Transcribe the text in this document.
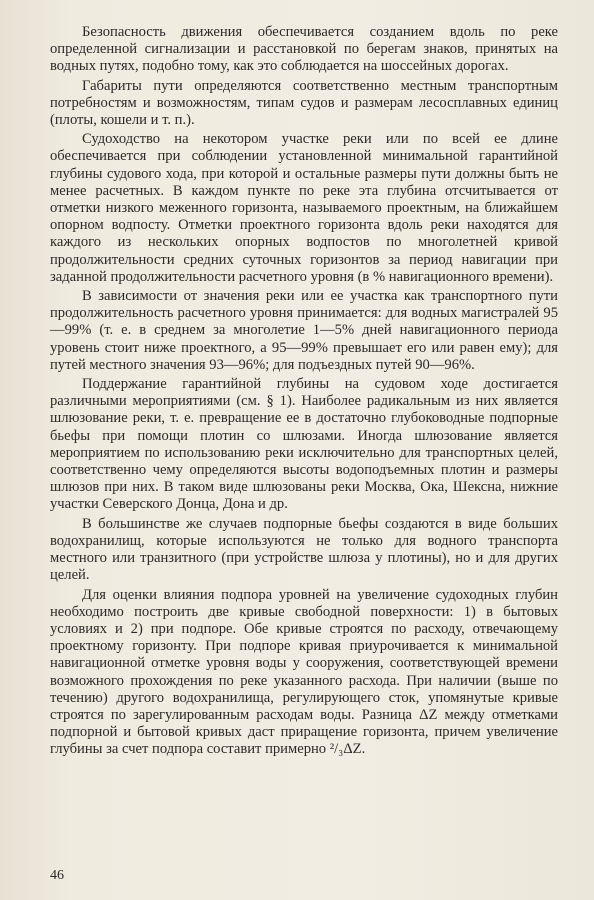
Безопасность движения обеспечивается созданием вдоль по реке определенной сигнализации и расстановкой по берегам знаков, принятых на водных путях, подобно тому, как это соблюдается на шоссейных дорогах.

Габариты пути определяются соответственно местным транспортным потребностям и возможностям, типам судов и размерам лесосплавных единиц (плоты, кошели и т. п.).

Судоходство на некотором участке реки или по всей ее длине обеспечивается при соблюдении установленной минимальной гарантийной глубины судового хода, при которой и остальные размеры пути должны быть не менее расчетных. В каждом пункте по реке эта глубина отсчитывается от отметки низкого меженного горизонта, называемого проектным, на ближайшем опорном водпосту. Отметки проектного горизонта вдоль реки находятся для каждого из нескольких опорных водпостов по многолетней кривой продолжительности средних суточных горизонтов за период навигации при заданной продолжительности расчетного уровня (в % навигационного времени).

В зависимости от значения реки или ее участка как транспортного пути продолжительность расчетного уровня принимается: для водных магистралей 95—99% (т. е. в среднем за многолетие 1—5% дней навигационного периода уровень стоит ниже проектного, а 95—99% превышает его или равен ему); для путей местного значения 93—96%; для подъездных путей 90—96%.

Поддержание гарантийной глубины на судовом ходе достигается различными мероприятиями (см. § 1). Наиболее радикальным из них является шлюзование реки, т. е. превращение ее в достаточно глубоководные подпорные бьефы при помощи плотин со шлюзами. Иногда шлюзование является мероприятием по использованию реки исключительно для транспортных целей, соответственно чему определяются высоты водоподъемных плотин и размеры шлюзов при них. В таком виде шлюзованы реки Москва, Ока, Шексна, нижние участки Северского Донца, Дона и др.

В большинстве же случаев подпорные бьефы создаются в виде больших водохранилищ, которые используются не только для водного транспорта местного или транзитного (при устройстве шлюза у плотины), но и для других целей.

Для оценки влияния подпора уровней на увеличение судоходных глубин необходимо построить две кривые свободной поверхности: 1) в бытовых условиях и 2) при подпоре. Обе кривые строятся по расходу, отвечающему проектному горизонту. При подпоре кривая приурочивается к минимальной навигационной отметке уровня воды у сооружения, соответствующей времени возможного прохождения по реке указанного расхода. При наличии (выше по течению) другого водохранилища, регулирующего сток, упомянутые кривые строятся по зарегулированным расходам воды. Разница ΔZ между отметками подпорной и бытовой кривых даст приращение горизонта, причем увеличение глубины за счет подпора составит примерно ²/₃ΔZ.

46
